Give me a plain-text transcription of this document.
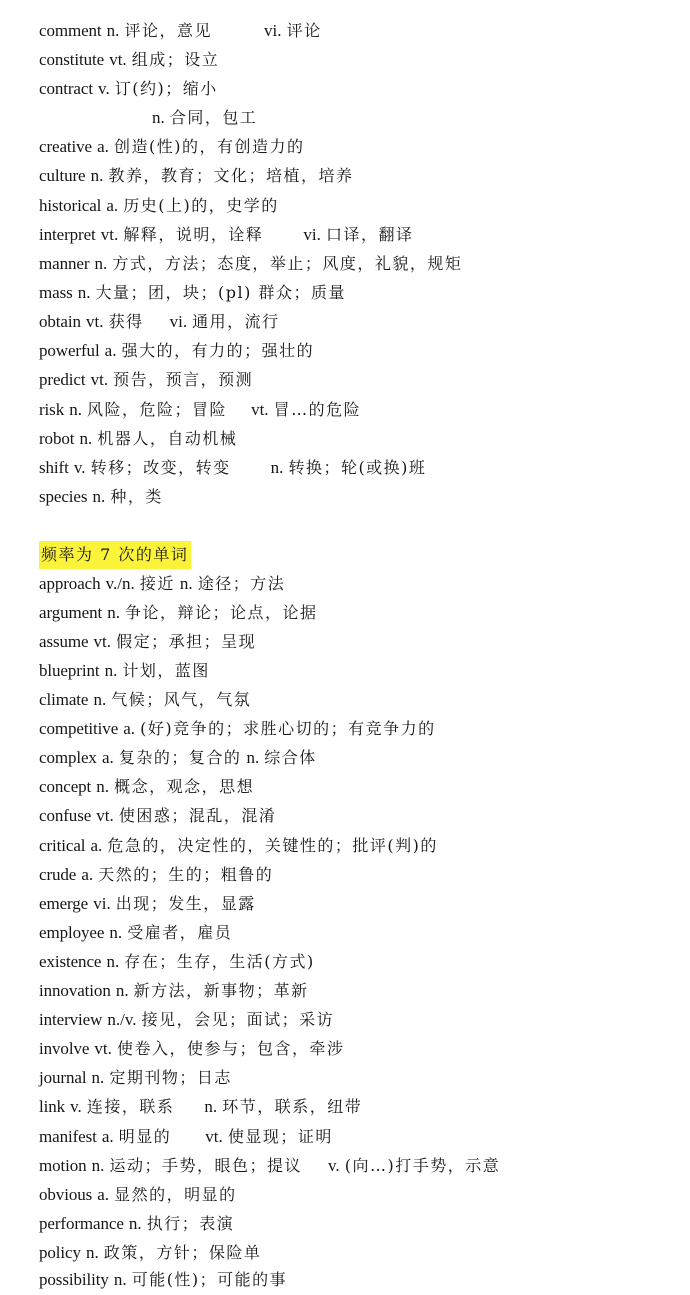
comment n. 评论，意见	vi. 评论
constitute vt. 组成；设立
contract v. 订(约)；缩小
n. 合同，包工
creative a. 创造(性)的，有创造力的
culture n. 教养，教育；文化；培植，培养
historical a. 历史(上)的，史学的
interpret vt. 解释，说明，诠释 vi. 口译，翻译
manner n. 方式，方法；态度，举止；风度，礼貌，规矩
mass n. 大量；团，块；(pl) 群众；质量
obtain vt. 获得 vi. 通用，流行
powerful a. 强大的，有力的；强壮的
predict vt. 预告，预言，预测
risk n. 风险，危险；冒险 vt. 冒…的危险
robot n. 机器人，自动机械
shift v. 转移；改变，转变 n. 转换；轮(或换)班
species n. 种，类
频率为 7 次的单词
approach v./n. 接近 n. 途径；方法
argument n. 争论，辩论；论点，论据
assume vt. 假定；承担；呈现
blueprint n. 计划，蓝图
climate n. 气候；风气，气氛
competitive a. (好)竞争的；求胜心切的；有竞争力的
complex a. 复杂的；复合的 n. 综合体
concept n. 概念，观念，思想
confuse vt. 使困惑；混乱，混淆
critical a. 危急的，决定性的，关键性的；批评(判)的
crude a. 天然的；生的；粗鲁的
emerge vi. 出现；发生，显露
employee n. 受雇者，雇员
existence n. 存在；生存，生活(方式)
innovation n. 新方法，新事物；革新
interview n./v. 接见，会见；面试；采访
involve vt. 使卷入，使参与；包含，牵涉
journal n. 定期刊物；日志
link v. 连接，联系 n. 环节，联系，纽带
manifest a. 明显的 vt. 使显现；证明
motion n. 运动；手势，眼色；提议 v. (向…)打手势，示意
obvious a. 显然的，明显的
performance n. 执行；表演
policy n. 政策，方针；保险单
possibility n. 可能(性)；可能的事
